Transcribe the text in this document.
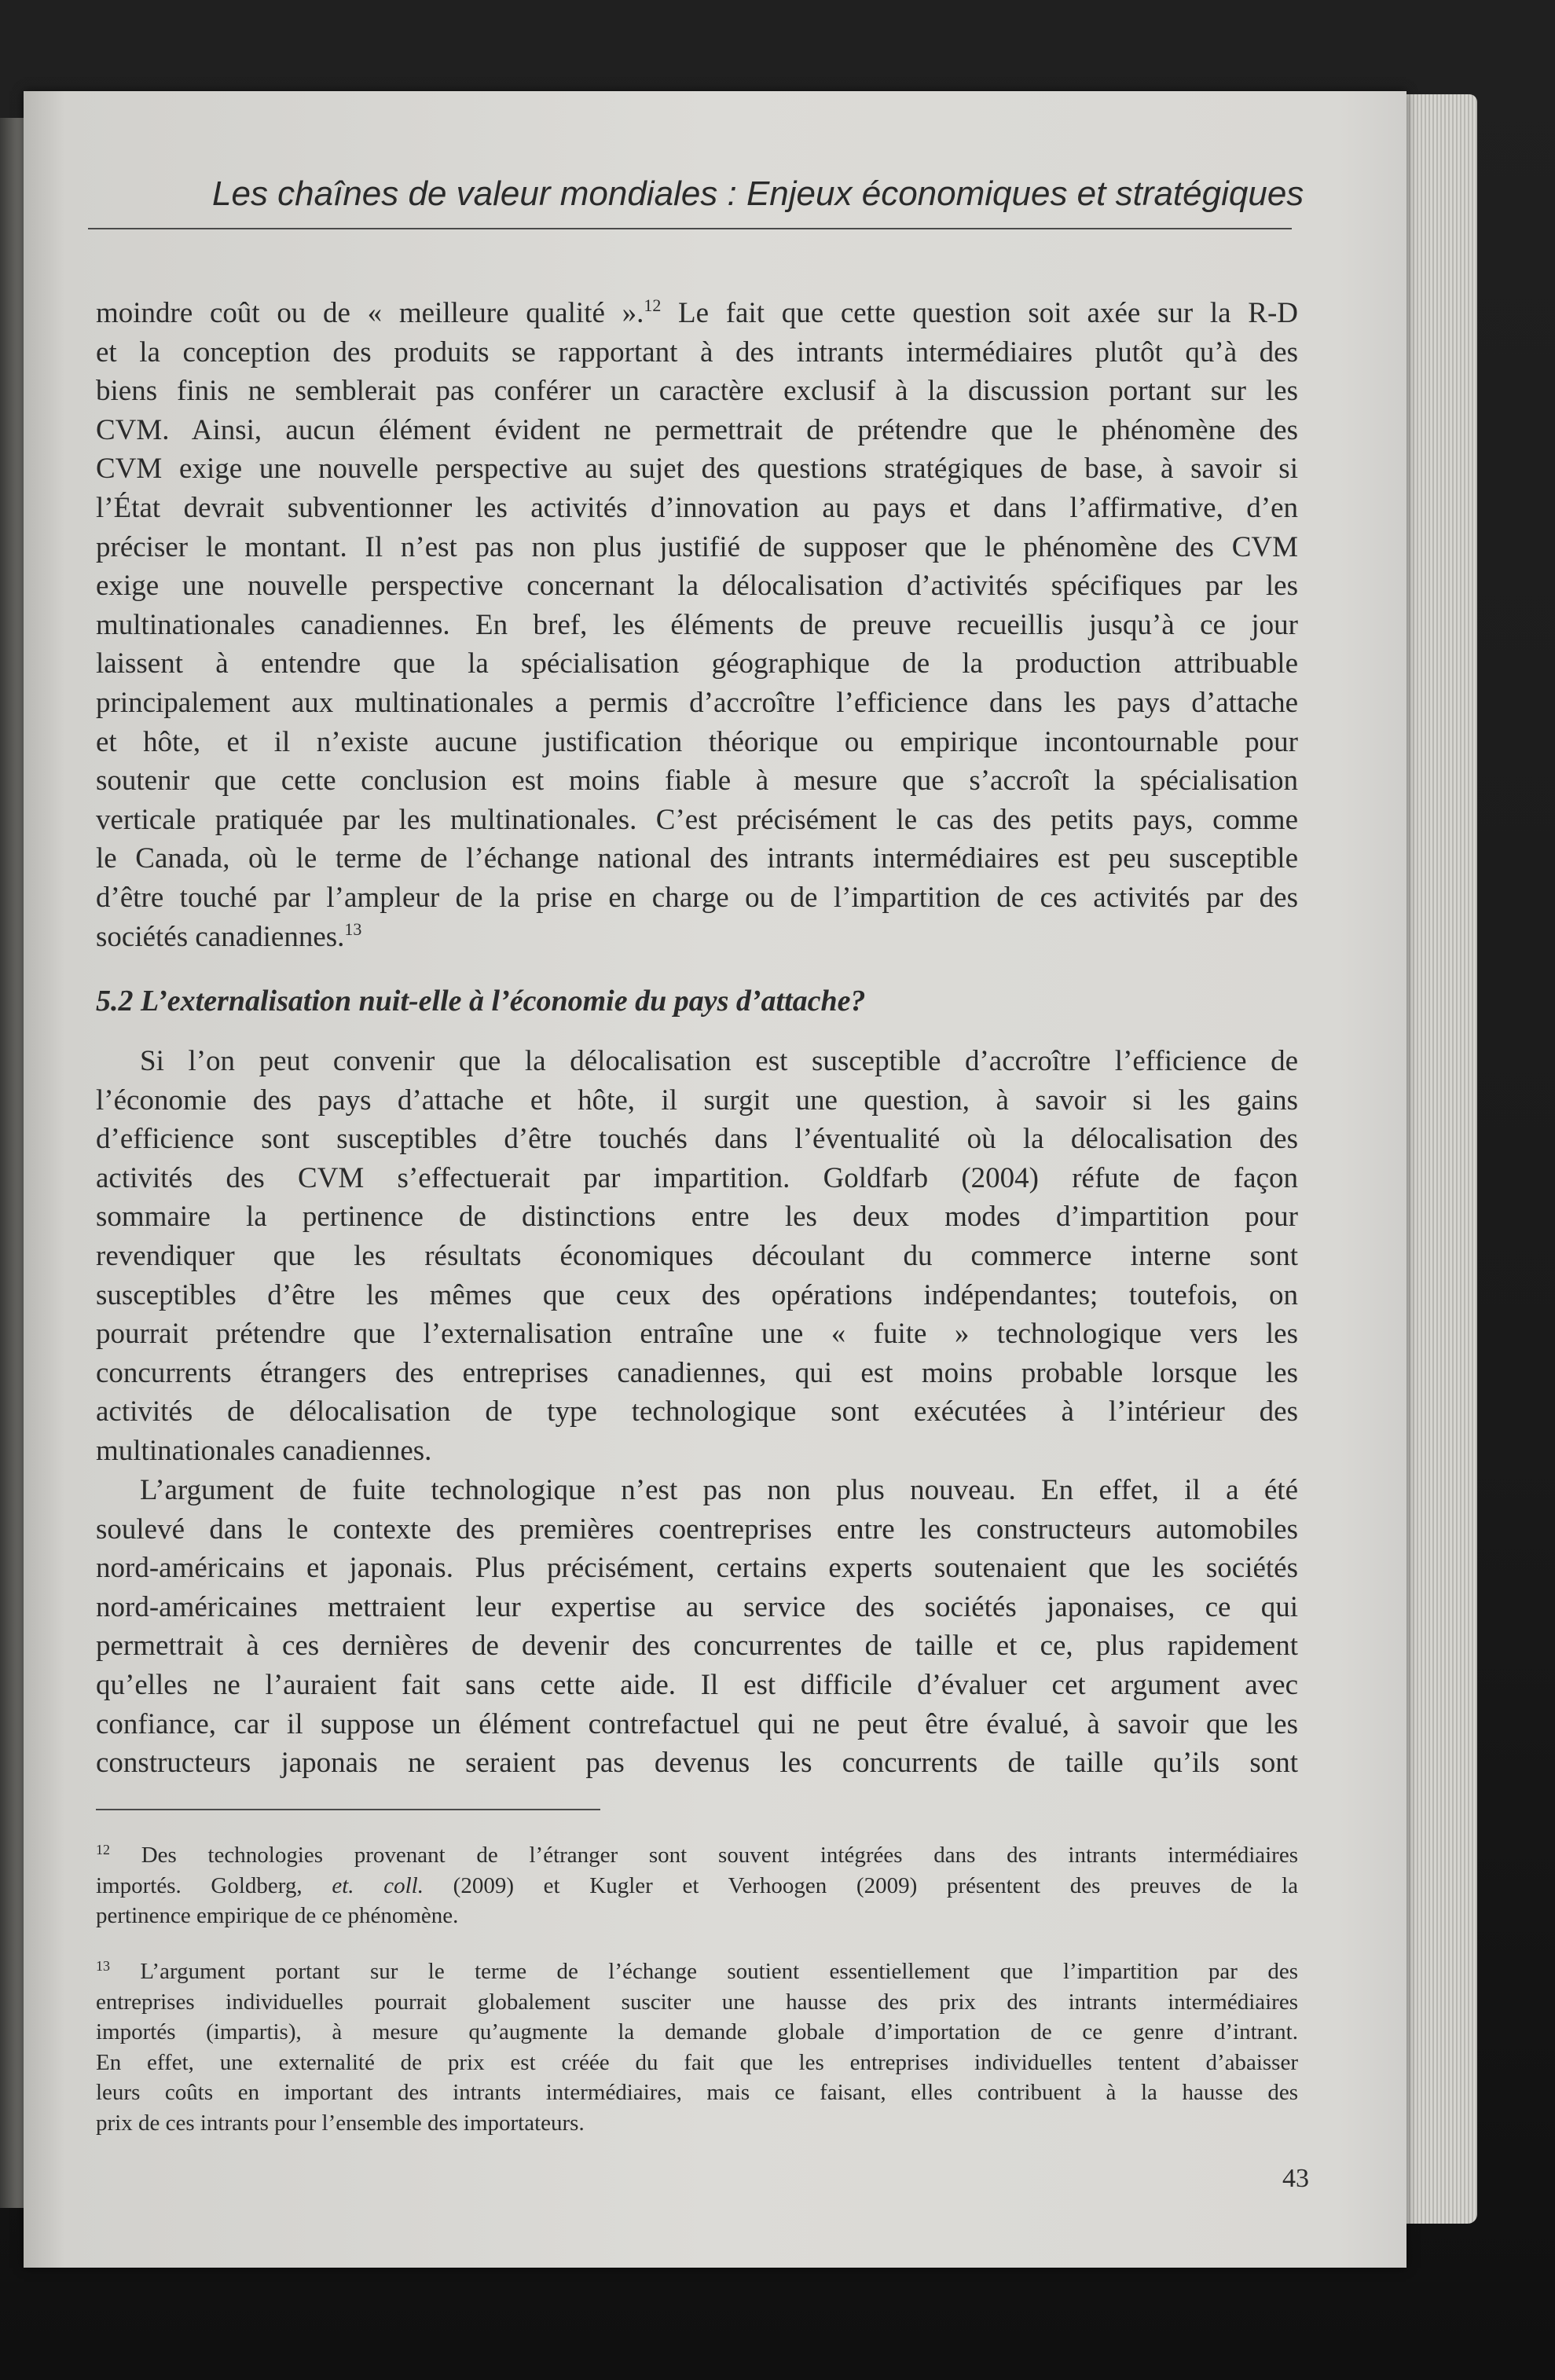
Les chaînes de valeur mondiales : Enjeux économiques et stratégiques
moindre coût ou de « meilleure qualité ».$^{12}$ Le fait que cette question soit axée sur la R-D
et la conception des produits se rapportant à des intrants intermédiaires plutôt qu’à des
biens finis ne semblerait pas conférer un caractère exclusif à la discussion portant sur les
CVM. Ainsi, aucun élément évident ne permettrait de prétendre que le phénomène des
CVM exige une nouvelle perspective au sujet des questions stratégiques de base, à savoir si
l’État devrait subventionner les activités d’innovation au pays et dans l’affirmative, d’en
préciser le montant. Il n’est pas non plus justifié de supposer que le phénomène des CVM
exige une nouvelle perspective concernant la délocalisation d’activités spécifiques par les
multinationales canadiennes. En bref, les éléments de preuve recueillis jusqu’à ce jour
laissent à entendre que la spécialisation géographique de la production attribuable
principalement aux multinationales a permis d’accroître l’efficience dans les pays d’attache
et hôte, et il n’existe aucune justification théorique ou empirique incontournable pour
soutenir que cette conclusion est moins fiable à mesure que s’accroît la spécialisation
verticale pratiquée par les multinationales. C’est précisément le cas des petits pays, comme
le Canada, où le terme de l’échange national des intrants intermédiaires est peu susceptible
d’être touché par l’ampleur de la prise en charge ou de l’impartition de ces activités par des
sociétés canadiennes.$^{13}$
5.2 L’externalisation nuit-elle à l’économie du pays d’attache?
Si l’on peut convenir que la délocalisation est susceptible d’accroître l’efficience de
l’économie des pays d’attache et hôte, il surgit une question, à savoir si les gains
d’efficience sont susceptibles d’être touchés dans l’éventualité où la délocalisation des
activités des CVM s’effectuerait par impartition. Goldfarb (2004) réfute de façon
sommaire la pertinence de distinctions entre les deux modes d’impartition pour
revendiquer que les résultats économiques découlant du commerce interne sont
susceptibles d’être les mêmes que ceux des opérations indépendantes; toutefois, on
pourrait prétendre que l’externalisation entraîne une « fuite » technologique vers les
concurrents étrangers des entreprises canadiennes, qui est moins probable lorsque les
activités de délocalisation de type technologique sont exécutées à l’intérieur des
multinationales canadiennes.
L’argument de fuite technologique n’est pas non plus nouveau. En effet, il a été
soulevé dans le contexte des premières coentreprises entre les constructeurs automobiles
nord-américains et japonais. Plus précisément, certains experts soutenaient que les sociétés
nord-américaines mettraient leur expertise au service des sociétés japonaises, ce qui
permettrait à ces dernières de devenir des concurrentes de taille et ce, plus rapidement
qu’elles ne l’auraient fait sans cette aide. Il est difficile d’évaluer cet argument avec
confiance, car il suppose un élément contrefactuel qui ne peut être évalué, à savoir que les
constructeurs japonais ne seraient pas devenus les concurrents de taille qu’ils sont
$^{12}$ Des technologies provenant de l’étranger sont souvent intégrées dans des intrants intermédiaires
importés. Goldberg, et. coll. (2009) et Kugler et Verhoogen (2009) présentent des preuves de la
pertinence empirique de ce phénomène.
$^{13}$ L’argument portant sur le terme de l’échange soutient essentiellement que l’impartition par des
entreprises individuelles pourrait globalement susciter une hausse des prix des intrants intermédiaires
importés (impartis), à mesure qu’augmente la demande globale d’importation de ce genre d’intrant.
En effet, une externalité de prix est créée du fait que les entreprises individuelles tentent d’abaisser
leurs coûts en important des intrants intermédiaires, mais ce faisant, elles contribuent à la hausse des
prix de ces intrants pour l’ensemble des importateurs.
43
